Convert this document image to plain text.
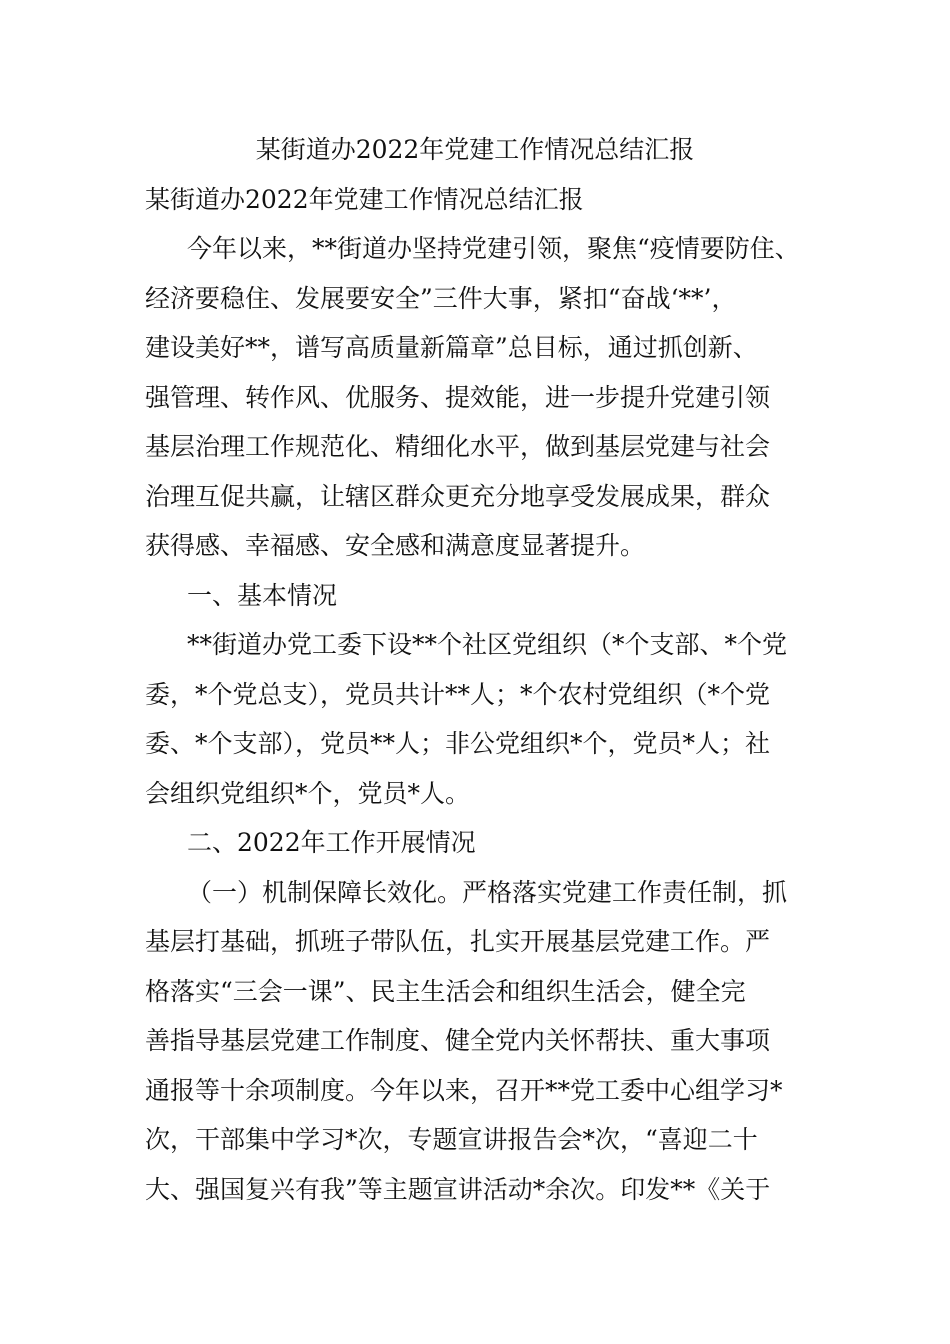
某街道办2022年党建工作情况总结汇报
某街道办2022年党建工作情况总结汇报

今年以来，**街道办坚持党建引领，聚焦“疫情要防住、

经济要稳住、发展要安全”三件大事，紧扣“奋战‘**’，

建设美好**，谱写高质量新篇章”总目标，通过抓创新、

强管理、转作风、优服务、提效能，进一步提升党建引领

基层治理工作规范化、精细化水平，做到基层党建与社会

治理互促共赢，让辖区群众更充分地享受发展成果，群众

获得感、幸福感、安全感和满意度显著提升。

一、基本情况

**街道办党工委下设**个社区党组织（*个支部、*个党

委，*个党总支），党员共计**人；*个农村党组织（*个党

委、*个支部），党员**人；非公党组织*个，党员*人；社

会组织党组织*个，党员*人。

二、2022年工作开展情况

（一）机制保障长效化。严格落实党建工作责任制，抓

基层打基础，抓班子带队伍，扎实开展基层党建工作。严

格落实“三会一课”、民主生活会和组织生活会，健全完

善指导基层党建工作制度、健全党内关怀帮扶、重大事项

通报等十余项制度。今年以来，召开**党工委中心组学习*

次，干部集中学习*次，专题宣讲报告会*次，“喜迎二十

大、强国复兴有我”等主题宣讲活动*余次。印发**《关于
